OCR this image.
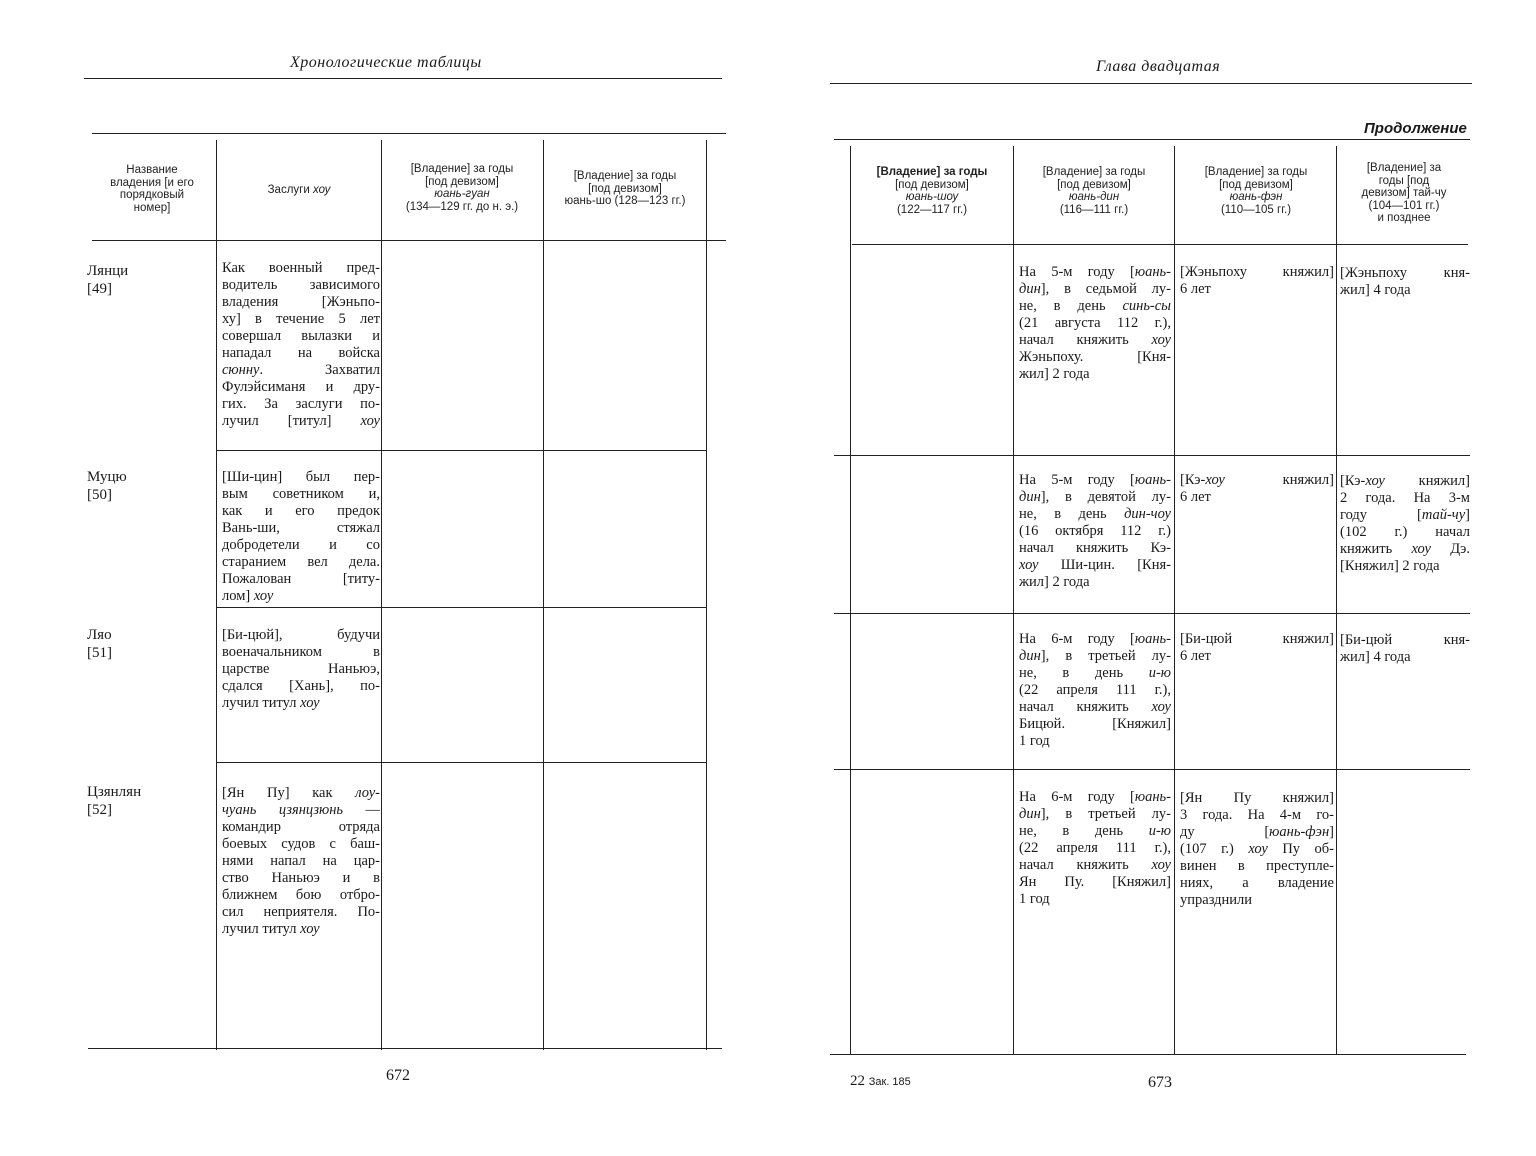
Хронологические таблицы
Название
владения [и его
порядковый
номер]
Заслуги хоу
[Владение] за годы
[под девизом]
юань-гуан
(134—129 гг. до н. э.)
[Владение] за годы
[под девизом]
юань-шо (128—123 гг.)
Лянци
[49]
Как военный пред-
водитель зависимого
владения [Жэньпо-
ху] в течение 5 лет
совершал вылазки и
нападал на войска
сюнну. Захватил
Фулэйсиманя и дру-
гих. За заслуги по-
лучил [титул] хоу
Муцю
[50]
[Ши-цин] был пер-
вым советником и,
как и его предок
Вань-ши, стяжал
добродетели и со
старанием вел дела.
Пожалован [титу-
лом] хоу
Ляо
[51]
[Би-цюй], будучи
военачальником в
царстве Наньюэ,
сдался [Хань], по-
лучил титул хоу
Цзянлян
[52]
[Ян Пу] как лоу-
чуань цзянцзюнь —
командир отряда
боевых судов с баш-
нями напал на цар-
ство Наньюэ и в
ближнем бою отбро-
сил неприятеля. По-
лучил титул хоу
672
Глава двадцатая
Продолжение
[Владение] за годы
[под девизом]
юань-шоу
(122—117 гг.)
[Владение] за годы
[под девизом]
юань-дин
(116—111 гг.)
[Владение] за годы
[под девизом]
юань-фэн
(110—105 гг.)
[Владение] за
годы [под
девизом] тай-чу
(104—101 гг.)
и позднее
На 5-м году [юань-
дин], в седьмой лу-
не, в день синь-сы
(21 августа 112 г.),
начал княжить хоу
Жэньпоху. [Кня-
жил] 2 года
[Жэньпоху княжил]
6 лет
[Жэньпоху кня-
жил] 4 года
На 5-м году [юань-
дин], в девятой лу-
не, в день дин-чоу
(16 октября 112 г.)
начал княжить Кэ-
хоу Ши-цин. [Кня-
жил] 2 года
[Кэ-хоу княжил]
6 лет
[Кэ-хоу княжил]
2 года. На 3-м
году [тай-чу]
(102 г.) начал
княжить хоу Дэ.
[Княжил] 2 года
На 6-м году [юань-
дин], в третьей лу-
не, в день и-ю
(22 апреля 111 г.),
начал княжить хоу
Бицюй. [Княжил]
1 год
[Би-цюй княжил]
6 лет
[Би-цюй кня-
жил] 4 года
На 6-м году [юань-
дин], в третьей лу-
не, в день и-ю
(22 апреля 111 г.),
начал княжить хоу
Ян Пу. [Княжил]
1 год
[Ян Пу княжил]
3 года. На 4-м го-
ду [юань-фэн]
(107 г.) хоу Пу об-
винен в преступле-
ниях, а владение
упразднили
22 Зак. 185	673
